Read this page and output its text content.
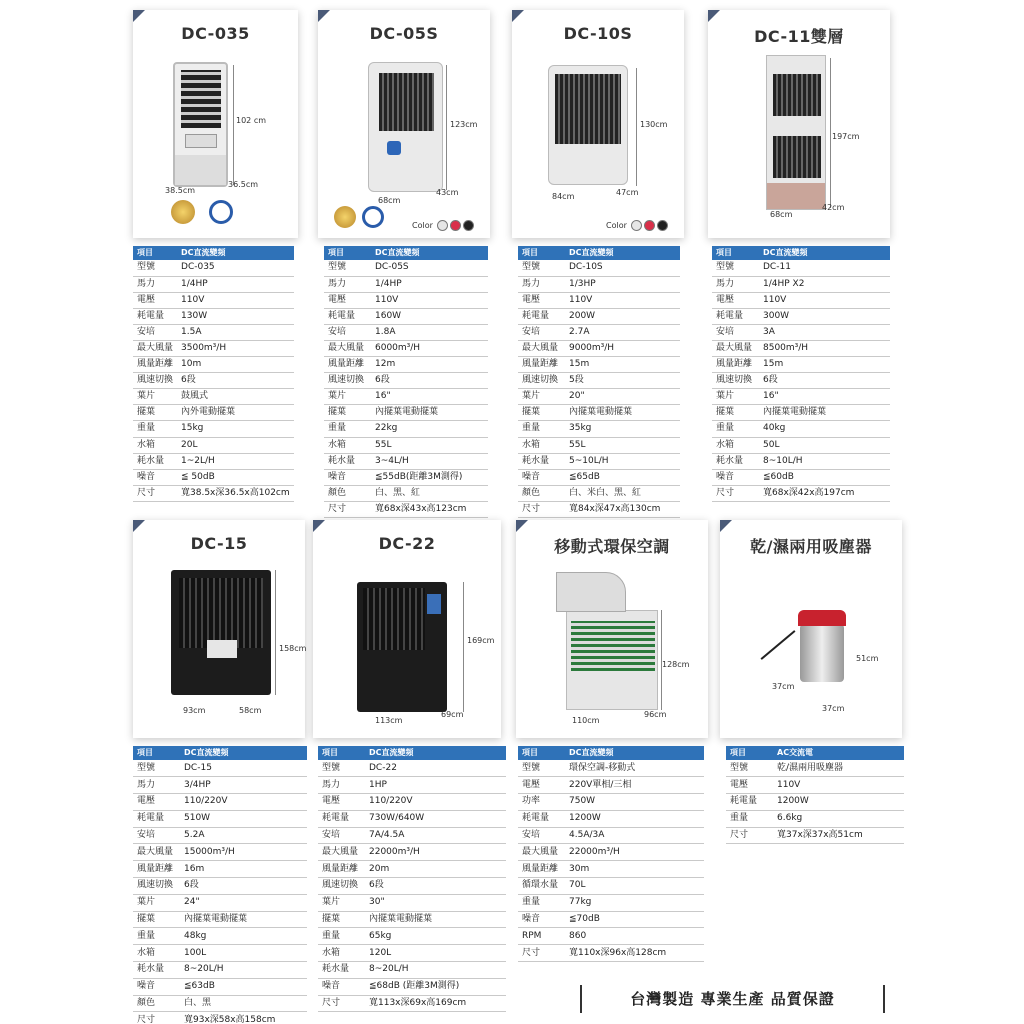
DC-035
102 cm
38.5cm
36.5cm
DC-05S
123cm
68cm
43cm
Color
DC-10S
130cm
84cm	47cm
Color
DC-11雙層
197cm
68cm
42cm
項目	DC直流變頻
型號	DC-035
馬力	1/4HP
電壓	110V
耗電量	130W
安培	1.5A
最大風量	3500m³/H
風量距離	10m
風速切換	6段
葉片	鼓風式
擺葉	內外電動擺葉
重量	15kg
水箱	20L
耗水量	1~2L/H
噪音	≦ 50dB
尺寸	寬38.5x深36.5x高102cm
項目	DC直流變頻
型號	DC-05S
馬力	1/4HP
電壓	110V
耗電量	160W
安培	1.8A
最大風量	6000m³/H
風量距離	12m
風速切換	6段
葉片	16"
擺葉	內擺葉電動擺葉
重量	22kg
水箱	55L
耗水量	3~4L/H
噪音	≦55dB(距離3M測得)
顏色	白、黑、紅
尺寸	寬68x深43x高123cm
項目	DC直流變頻
型號	DC-10S
馬力	1/3HP
電壓	110V
耗電量	200W
安培	2.7A
最大風量	9000m³/H
風量距離	15m
風速切換	5段
葉片	20"
擺葉	內擺葉電動擺葉
重量	35kg
水箱	55L
耗水量	5~10L/H
噪音	≦65dB
顏色	白、米白、黑、紅
尺寸	寬84x深47x高130cm
項目	DC直流變頻
型號	DC-11
馬力	1/4HP X2
電壓	110V
耗電量	300W
安培	3A
最大風量	8500m³/H
風量距離	15m
風速切換	6段
葉片	16"
擺葉	內擺葉電動擺葉
重量	40kg
水箱	50L
耗水量	8~10L/H
噪音	≦60dB
尺寸	寬68x深42x高197cm
DC-15
158cm
93cm	58cm
DC-22
169cm
113cm
69cm
移動式環保空調
128cm
110cm
96cm
乾/濕兩用吸塵器
51cm
37cm
37cm
項目	DC直流變頻
型號	DC-15
馬力	3/4HP
電壓	110/220V
耗電量	510W
安培	5.2A
最大風量	15000m³/H
風量距離	16m
風速切換	6段
葉片	24"
擺葉	內擺葉電動擺葉
重量	48kg
水箱	100L
耗水量	8~20L/H
噪音	≦63dB
顏色	白、黑
尺寸	寬93x深58x高158cm
項目	DC直流變頻
型號	DC-22
馬力	1HP
電壓	110/220V
耗電量	730W/640W
安培	7A/4.5A
最大風量	22000m³/H
風量距離	20m
風速切換	6段
葉片	30"
擺葉	內擺葉電動擺葉
重量	65kg
水箱	120L
耗水量	8~20L/H
噪音	≦68dB (距離3M測得)
尺寸	寬113x深69x高169cm
項目	DC直流變頻
型號	環保空調-移動式
電壓	220V單相/三相
功率	750W
耗電量	1200W
安培	4.5A/3A
最大風量	22000m³/H
風量距離	30m
循環水量	70L
重量	77kg
噪音	≦70dB
RPM	860
尺寸	寬110x深96x高128cm
項目	AC交流電
型號	乾/濕兩用吸塵器
電壓	110V
耗電量	1200W
重量	6.6kg
尺寸	寬37x深37x高51cm
台灣製造 專業生產 品質保證
